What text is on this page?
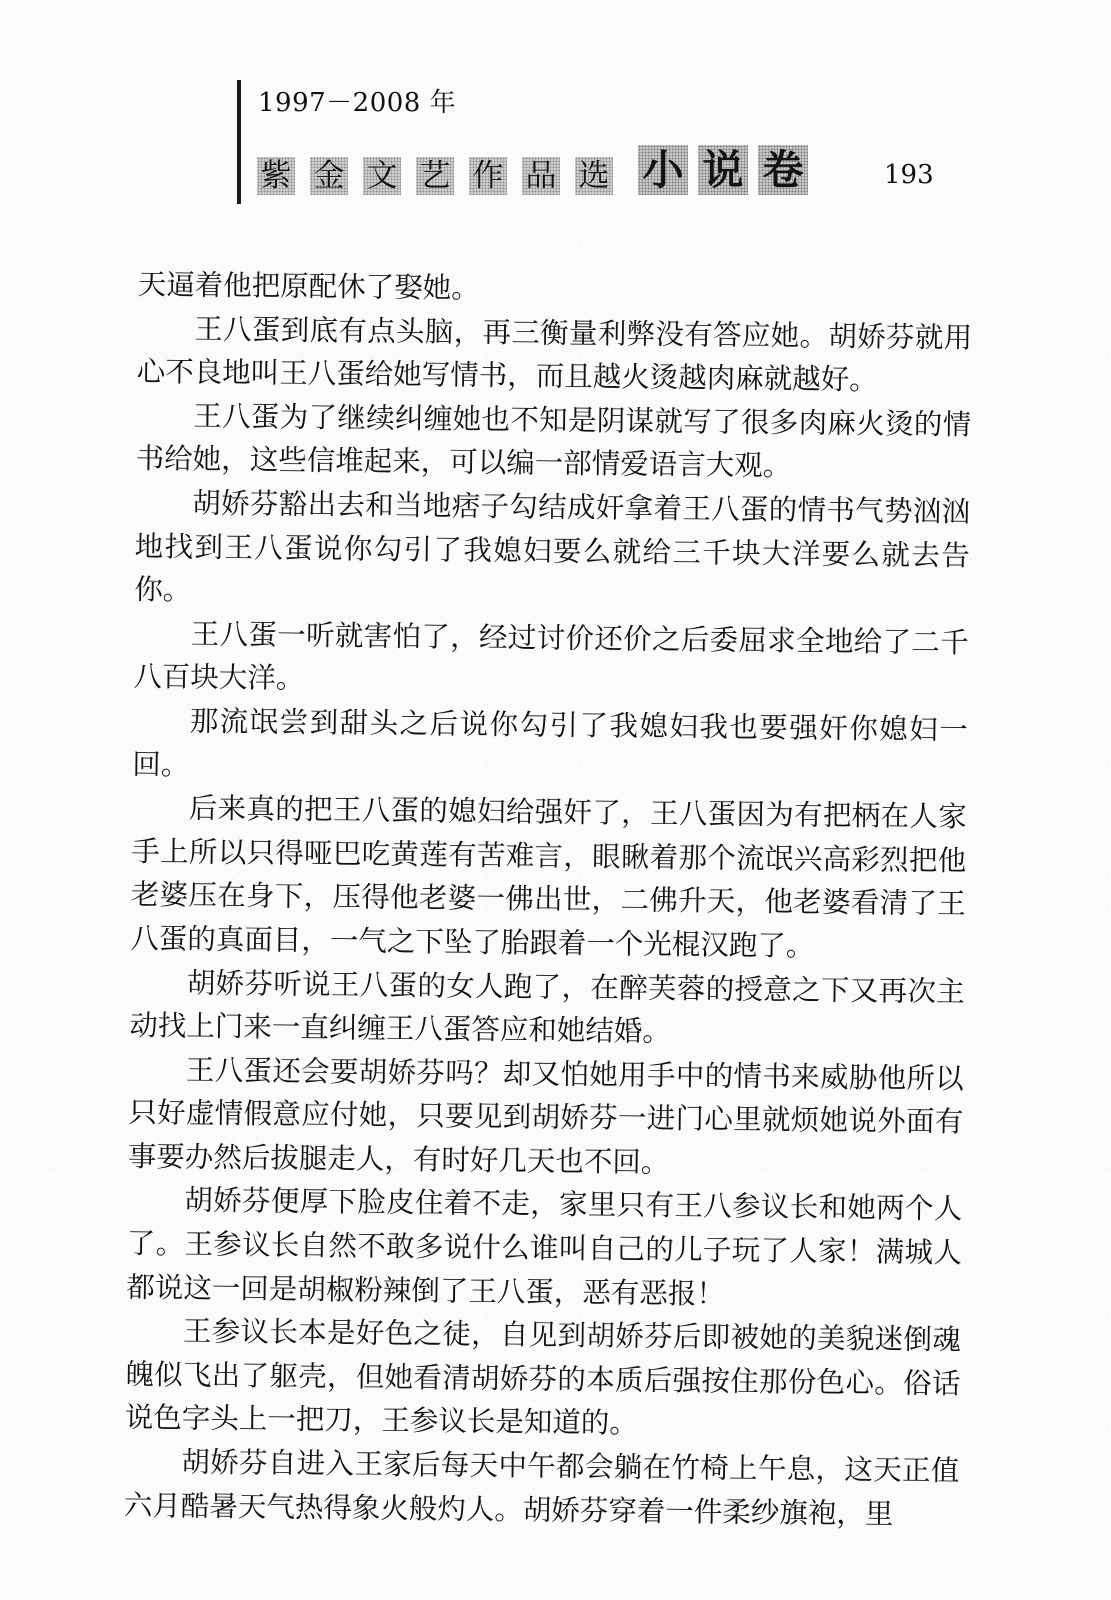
1997－2008 年
紫 金 文 艺 作 品 选 小 说 卷	193

天逼着他把原配休了娶她。

王八蛋到底有点头脑，再三衡量利弊没有答应她。胡娇芬就用心不良地叫王八蛋给她写情书，而且越火烫越肉麻就越好。

王八蛋为了继续纠缠她也不知是阴谋就写了很多肉麻火烫的情书给她，这些信堆起来，可以编一部情爱语言大观。

胡娇芬豁出去和当地痞子勾结成奸拿着王八蛋的情书气势汹汹地找到王八蛋说你勾引了我媳妇要么就给三千块大洋要么就去告你。

王八蛋一听就害怕了，经过讨价还价之后委屈求全地给了二千八百块大洋。

那流氓尝到甜头之后说你勾引了我媳妇我也要强奸你媳妇一回。

后来真的把王八蛋的媳妇给强奸了，王八蛋因为有把柄在人家手上所以只得哑巴吃黄莲有苦难言，眼瞅着那个流氓兴高彩烈把他老婆压在身下，压得他老婆一佛出世，二佛升天，他老婆看清了王八蛋的真面目，一气之下坠了胎跟着一个光棍汉跑了。

胡娇芬听说王八蛋的女人跑了，在醉芙蓉的授意之下又再次主动找上门来一直纠缠王八蛋答应和她结婚。

王八蛋还会要胡娇芬吗？却又怕她用手中的情书来威胁他所以只好虚情假意应付她，只要见到胡娇芬一进门心里就烦她说外面有事要办然后拔腿走人，有时好几天也不回。

胡娇芬便厚下脸皮住着不走，家里只有王八参议长和她两个人了。王参议长自然不敢多说什么谁叫自己的儿子玩了人家！满城人都说这一回是胡椒粉辣倒了王八蛋，恶有恶报！

王参议长本是好色之徒，自见到胡娇芬后即被她的美貌迷倒魂魄似飞出了躯壳，但她看清胡娇芬的本质后强按住那份色心。俗话说色字头上一把刀，王参议长是知道的。

胡娇芬自进入王家后每天中午都会躺在竹椅上午息，这天正值六月酷暑天气热得象火般灼人。胡娇芬穿着一件柔纱旗袍，里
